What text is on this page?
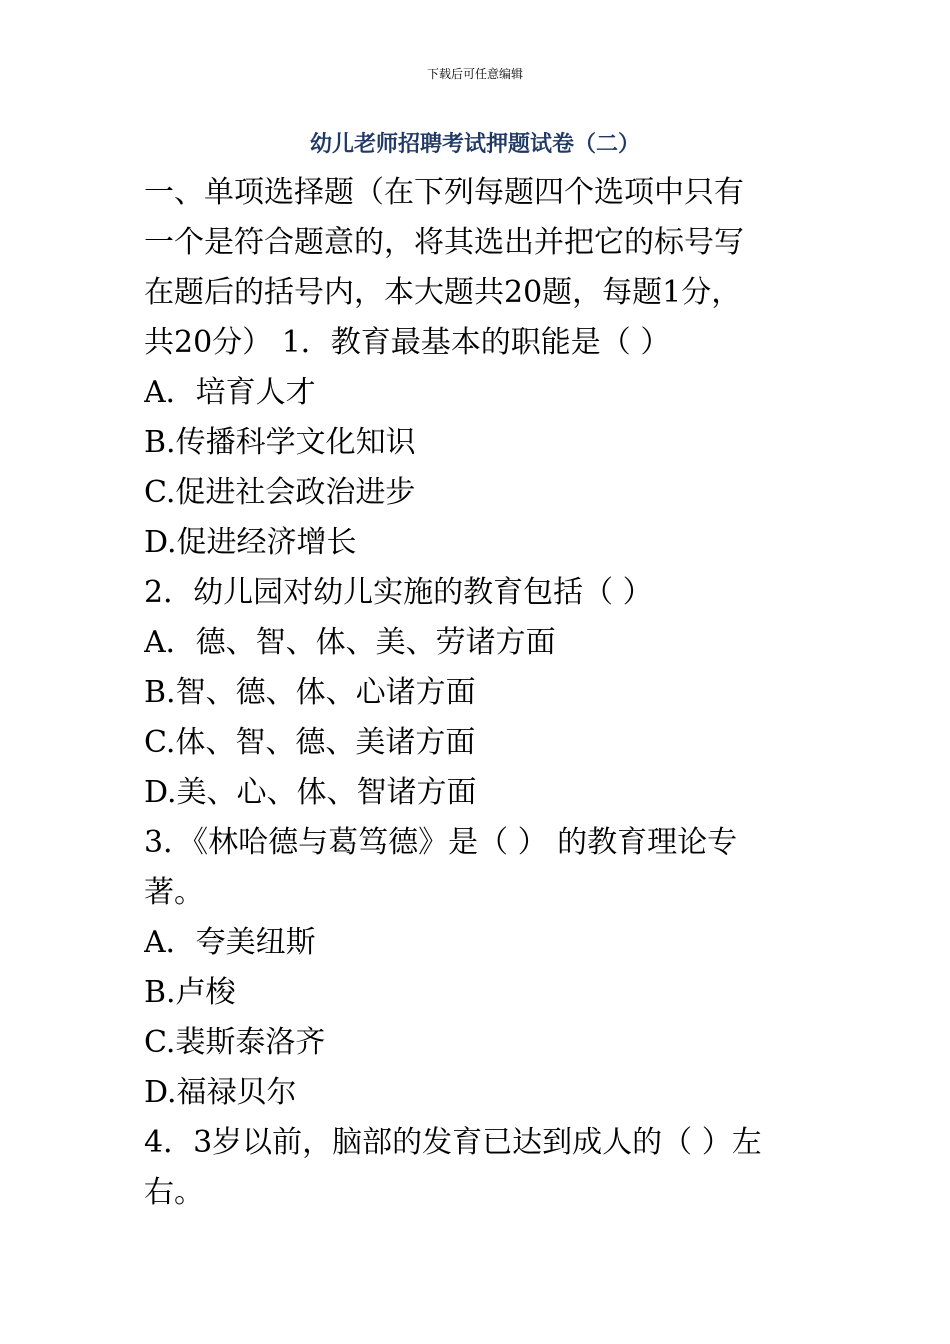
下载后可任意编辑
幼儿老师招聘考试押题试卷（二）
一、单项选择题（在下列每题四个选项中只有
一个是符合题意的，将其选出并把它的标号写
在题后的括号内，本大题共20题，每题1分，
共20分） 1．教育最基本的职能是（ ）
A．培育人才
B.传播科学文化知识
C.促进社会政治进步
D.促进经济增长
2．幼儿园对幼儿实施的教育包括（ ）
A．德、智、体、美、劳诸方面
B.智、德、体、心诸方面
C.体、智、德、美诸方面
D.美、心、体、智诸方面
3．《林哈德与葛笃德》是（ ） 的教育理论专
著。
A．夸美纽斯
B.卢梭
C.裴斯泰洛齐
D.福禄贝尔
4．3岁以前，脑部的发育已达到成人的（ ）左
右。
